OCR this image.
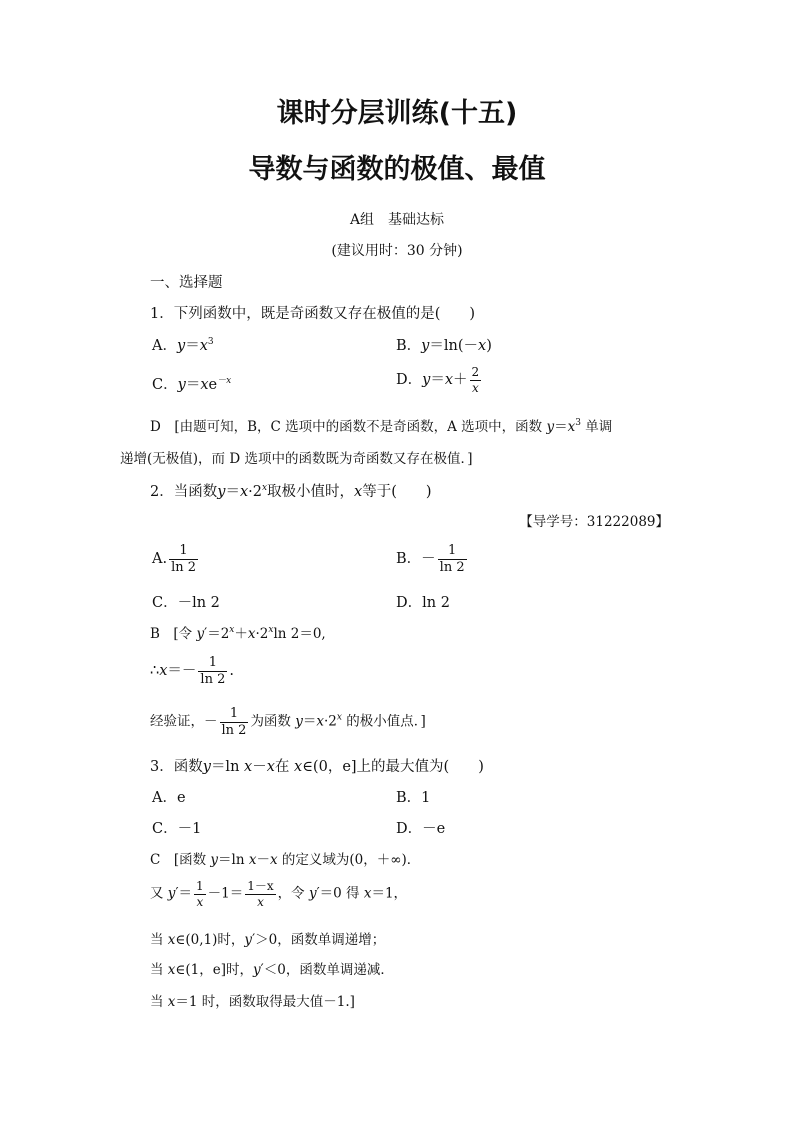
课时分层训练(十五)
导数与函数的极值、最值
A组　基础达标
(建议用时：30 分钟)
一、选择题
1．下列函数中，既是奇函数又存在极值的是(　　)
A．$y=x^3$	B．y＝ln(－x)
C．$y=xe^{-x}$	D．$y=x+ \frac{2}{x}$
D　[由题可知，B，C 选项中的函数不是奇函数，A 选项中，函数 $y=x^3$ 单调
递增(无极值)，而 D 选项中的函数既为奇函数又存在极值．]
2．当函数$y=x\cdot 2^x$取极小值时，x等于(　　)
【导学号：31222089】
A. $\frac{1}{\ln 2}$	B．－ $\frac{1}{\ln 2}$
C．－ln 2	D．ln 2
B　[令 $y'=2^x+x\cdot 2^x\ln$ 2＝0,
∴x＝－ $\frac{1}{\ln 2}$ .
经验证，－ $\frac{1}{\ln 2}$ 为函数 $y=x\cdot 2^x$ 的极小值点．]
3．函数y＝ln x－x在 x∈(0，e]上的最大值为(　　)
A．e	B．1
C．－1	D．－e
C　[函数 y＝ln x－x 的定义域为(0，＋∞)．
又 $y'= \frac{1}{x} -1= \frac{1-x}{x}$ ，令 y′＝0 得 x＝1，
当 x∈(0,1)时，y′＞0，函数单调递增；
当 x∈(1，e]时，y′＜0，函数单调递减．
当 x＝1 时，函数取得最大值－1.]
